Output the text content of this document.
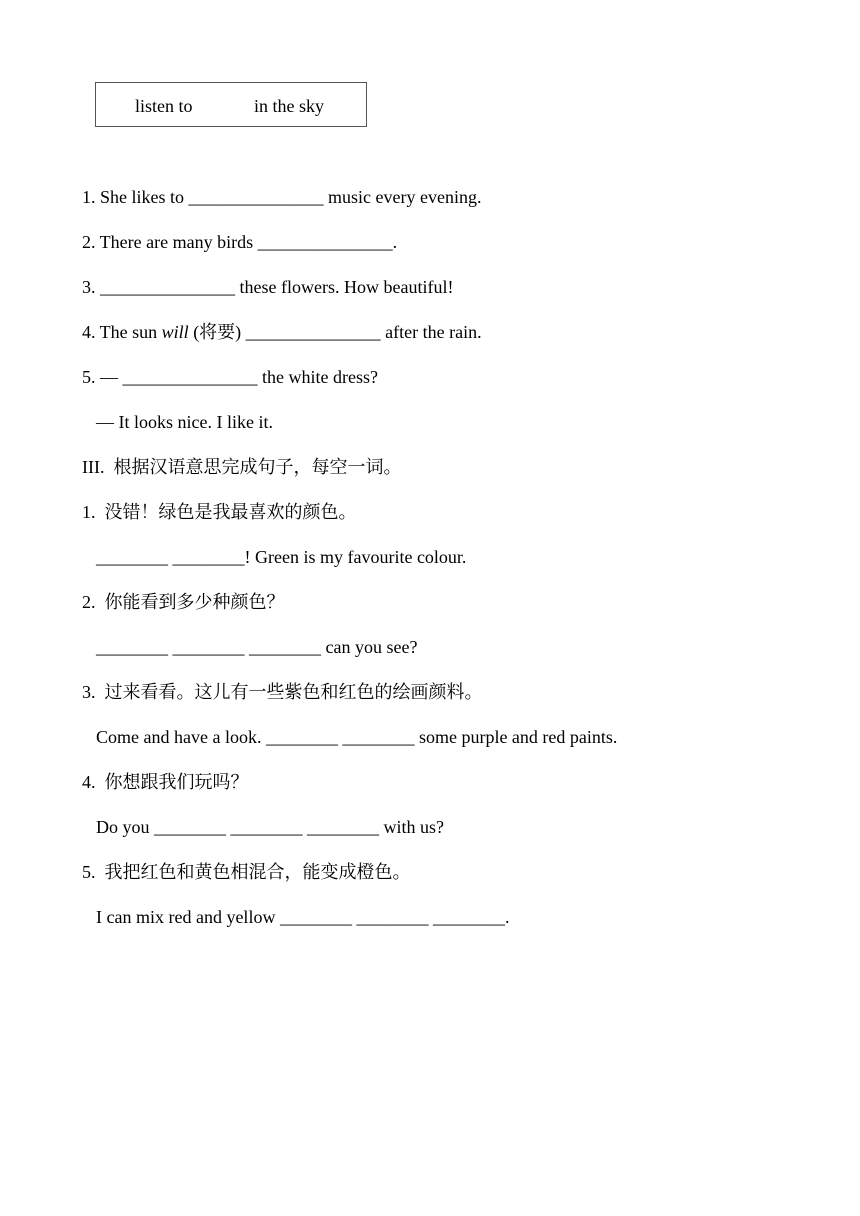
listen to	in the sky
1. She likes to _______________ music every evening.
2. There are many birds _______________.
3. _______________ these flowers. How beautiful!
4. The sun will (将要) _______________ after the rain.
5. — _______________ the white dress?
— It looks nice. I like it.
III.  根据汉语意思完成句子，每空一词。
1.  没错！绿色是我最喜欢的颜色。
________ ________! Green is my favourite colour.
2.  你能看到多少种颜色？
________ ________ ________ can you see?
3.  过来看看。这儿有一些紫色和红色的绘画颜料。
Come and have a look. ________ ________ some purple and red paints.
4.  你想跟我们玩吗？
Do you ________ ________ ________ with us?
5.  我把红色和黄色相混合，能变成橙色。
I can mix red and yellow ________ ________ ________.
